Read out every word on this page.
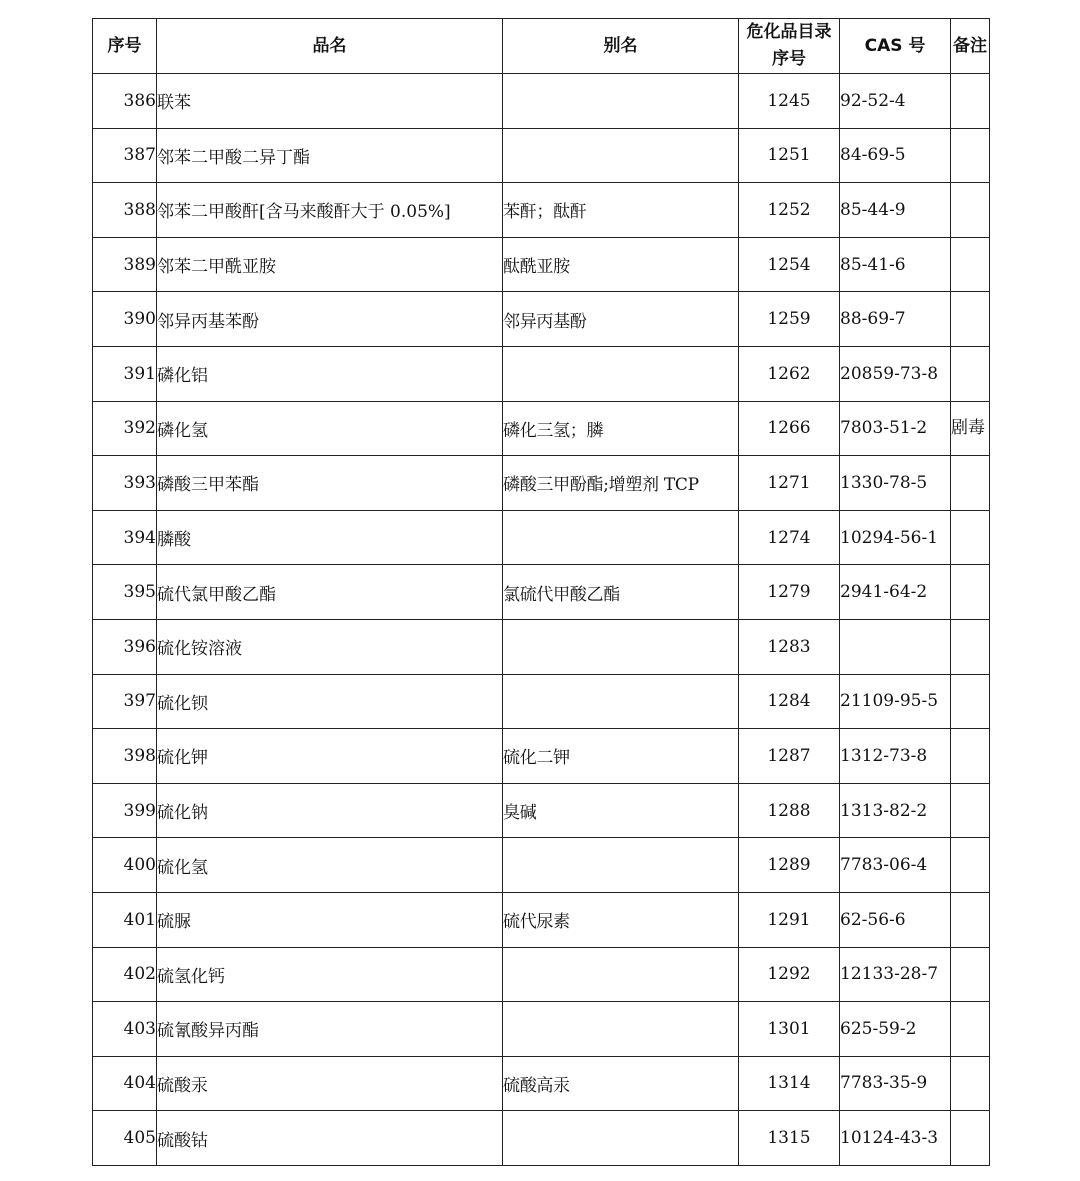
序号	品名	别名	危化品目录序号	CAS 号	备注
386	联苯		1245	92-52-4	
387	邻苯二甲酸二异丁酯		1251	84-69-5	
388	邻苯二甲酸酐[含马来酸酐大于 0.05%]	苯酐；酞酐	1252	85-44-9	
389	邻苯二甲酰亚胺	酞酰亚胺	1254	85-41-6	
390	邻异丙基苯酚	邻异丙基酚	1259	88-69-7	
391	磷化铝		1262	20859-73-8	
392	磷化氢	磷化三氢；膦	1266	7803-51-2	剧毒
393	磷酸三甲苯酯	磷酸三甲酚酯;增塑剂 TCP	1271	1330-78-5	
394	膦酸		1274	10294-56-1	
395	硫代氯甲酸乙酯	氯硫代甲酸乙酯	1279	2941-64-2	
396	硫化铵溶液		1283		
397	硫化钡		1284	21109-95-5	
398	硫化钾	硫化二钾	1287	1312-73-8	
399	硫化钠	臭碱	1288	1313-82-2	
400	硫化氢		1289	7783-06-4	
401	硫脲	硫代尿素	1291	62-56-6	
402	硫氢化钙		1292	12133-28-7	
403	硫氰酸异丙酯		1301	625-59-2	
404	硫酸汞	硫酸高汞	1314	7783-35-9	
405	硫酸钴		1315	10124-43-3	
